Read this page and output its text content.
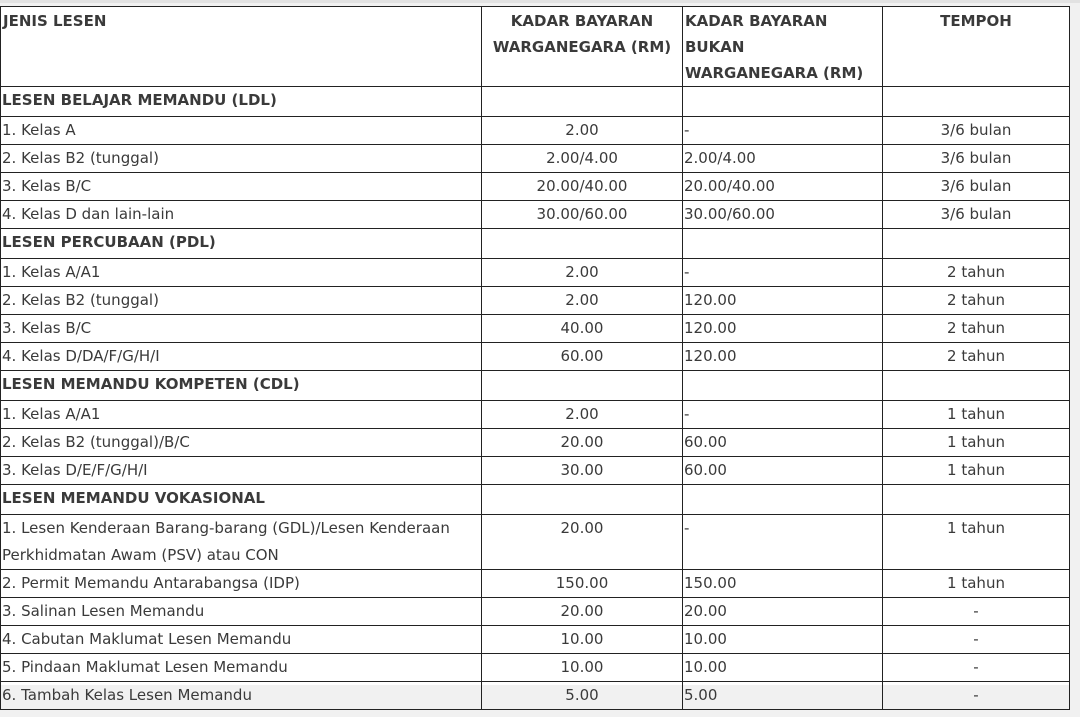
JENIS LESEN	KADAR BAYARAN WARGANEGARA (RM)	KADAR BAYARAN BUKAN WARGANEGARA (RM)	TEMPOH
LESEN BELAJAR MEMANDU (LDL)			
1. Kelas A	2.00	-	3/6 bulan
2. Kelas B2 (tunggal)	2.00/4.00	2.00/4.00	3/6 bulan
3. Kelas B/C	20.00/40.00	20.00/40.00	3/6 bulan
4. Kelas D dan lain-lain	30.00/60.00	30.00/60.00	3/6 bulan
LESEN PERCUBAAN (PDL)			
1. Kelas A/A1	2.00	-	2 tahun
2. Kelas B2 (tunggal)	2.00	120.00	2 tahun
3. Kelas B/C	40.00	120.00	2 tahun
4. Kelas D/DA/F/G/H/I	60.00	120.00	2 tahun
LESEN MEMANDU KOMPETEN (CDL)			
1. Kelas A/A1	2.00	-	1 tahun
2. Kelas B2 (tunggal)/B/C	20.00	60.00	1 tahun
3. Kelas D/E/F/G/H/I	30.00	60.00	1 tahun
LESEN MEMANDU VOKASIONAL			
1. Lesen Kenderaan Barang-barang (GDL)/Lesen Kenderaan Perkhidmatan Awam (PSV) atau CON	20.00	-	1 tahun
2. Permit Memandu Antarabangsa (IDP)	150.00	150.00	1 tahun
3. Salinan Lesen Memandu	20.00	20.00	-
4. Cabutan Maklumat Lesen Memandu	10.00	10.00	-
5. Pindaan Maklumat Lesen Memandu	10.00	10.00	-
6. Tambah Kelas Lesen Memandu	5.00	5.00	-
